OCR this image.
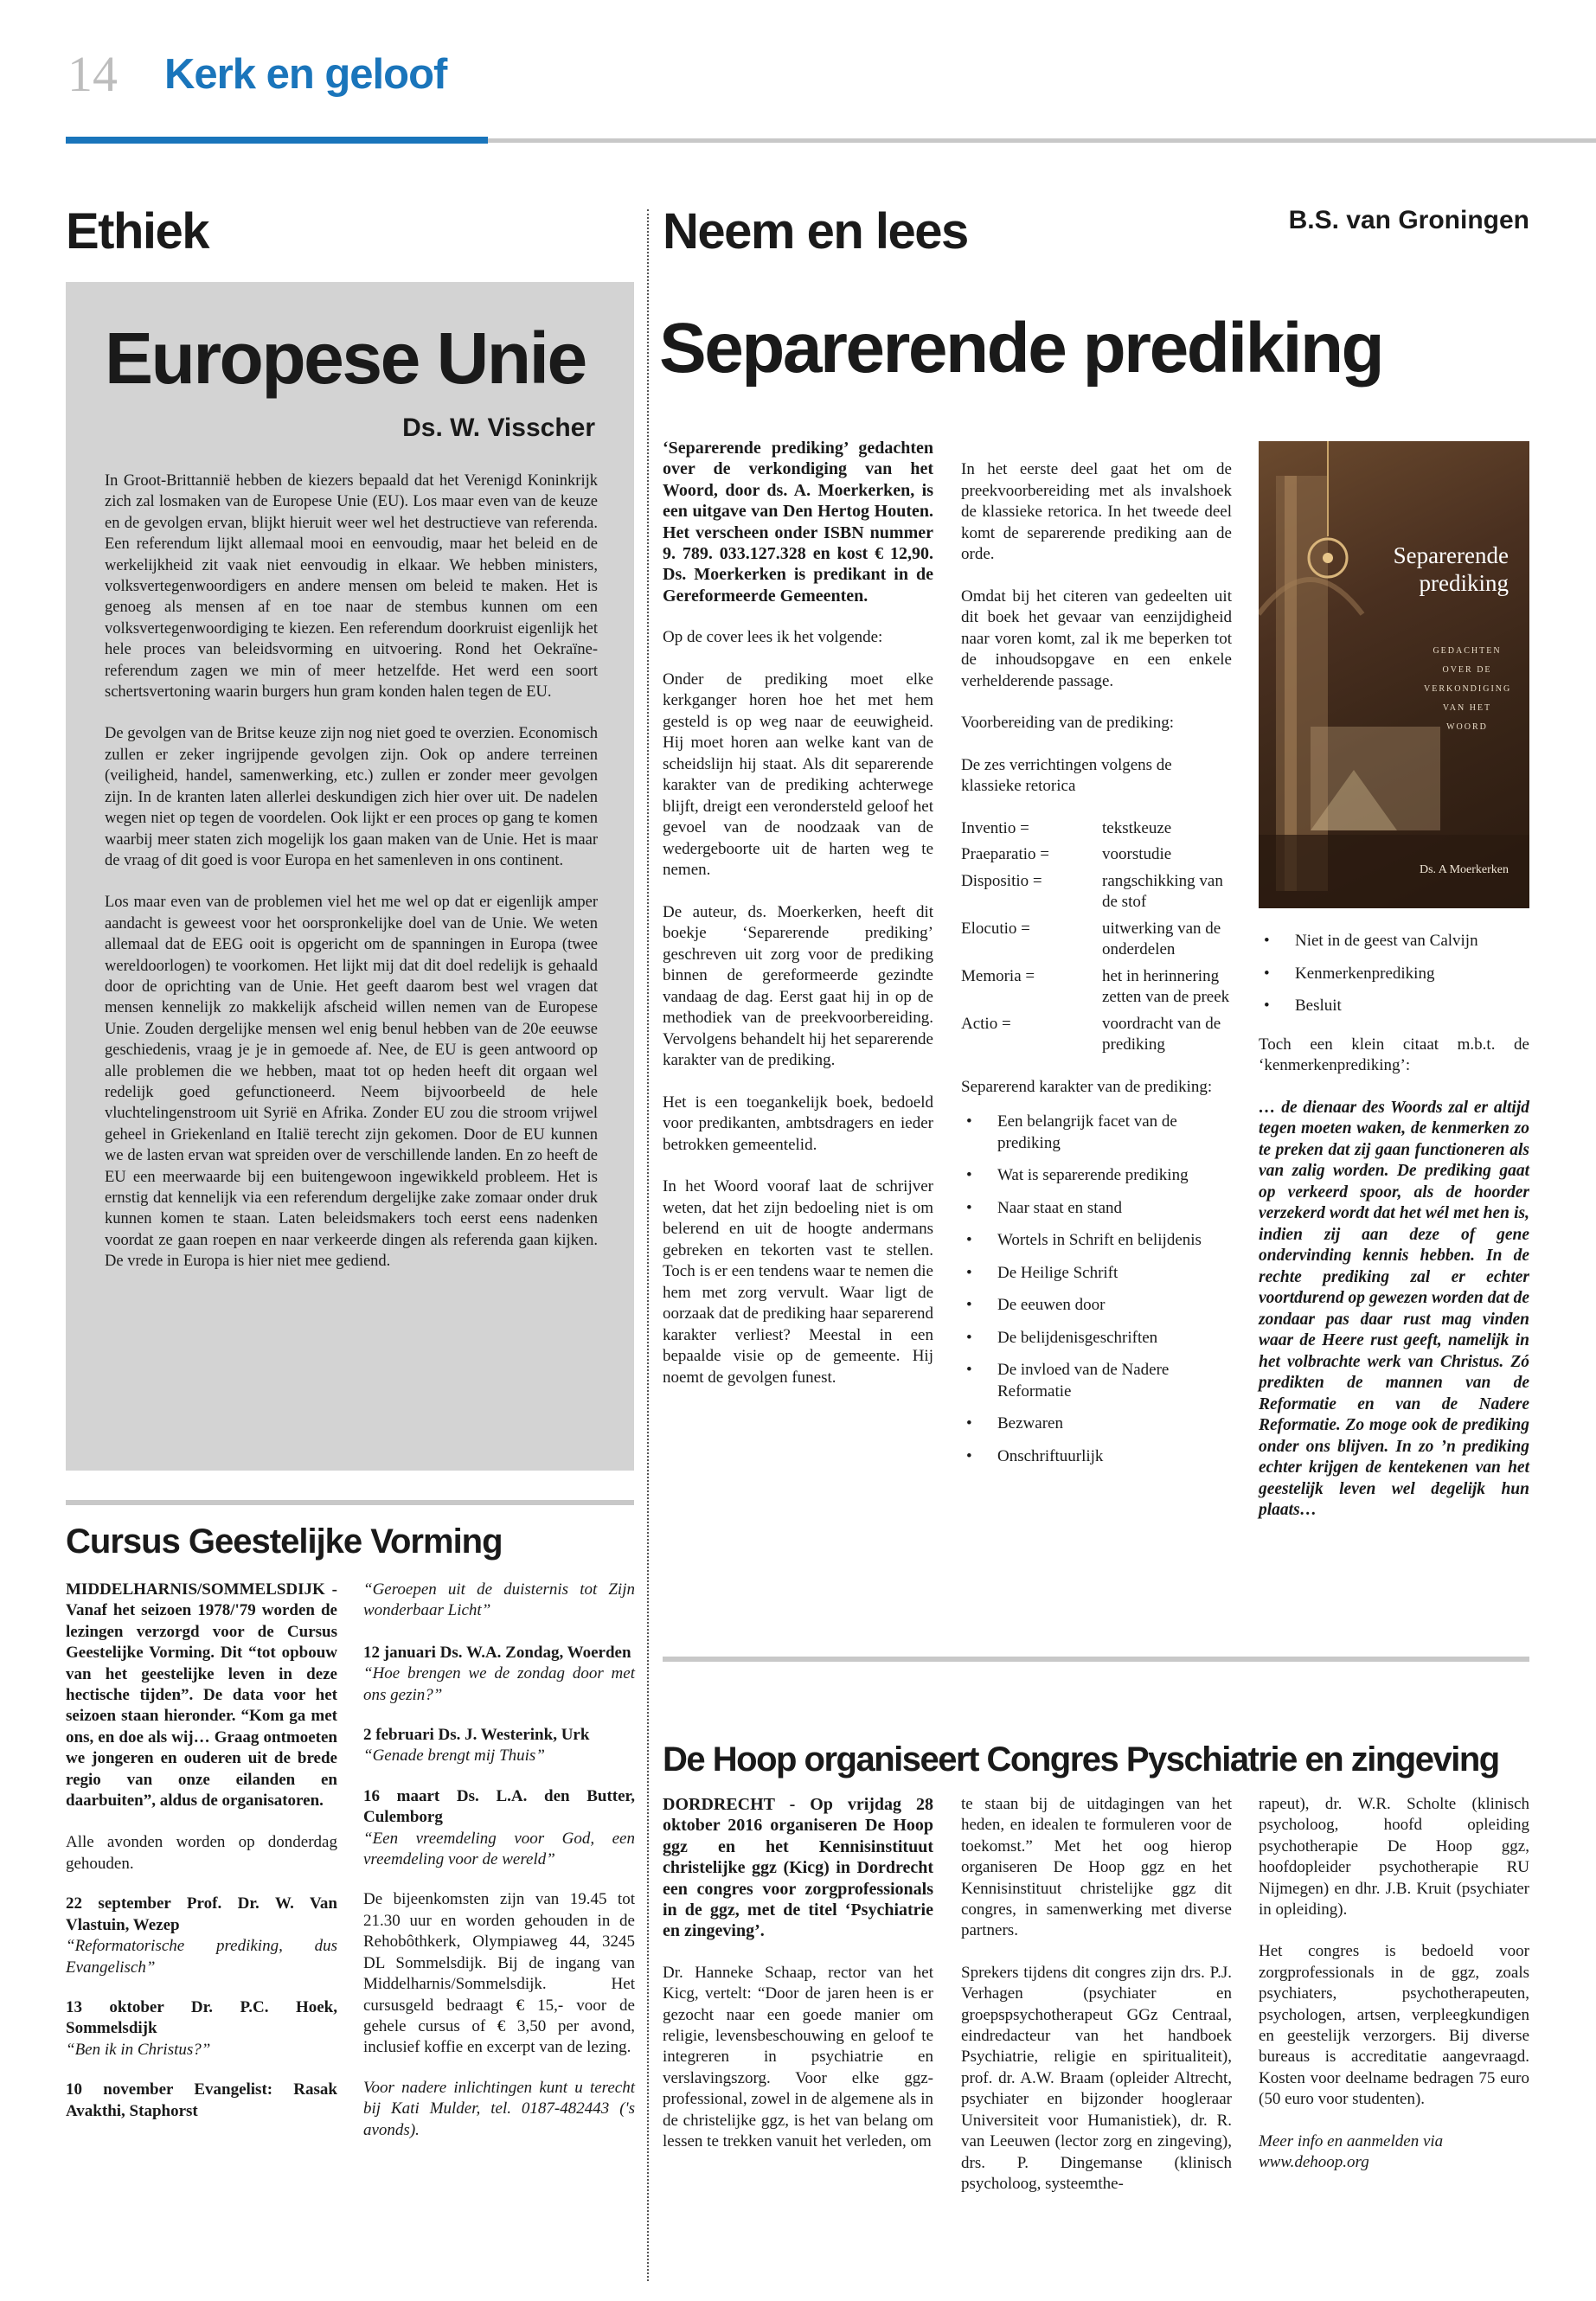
14 Kerk en geloof
Ethiek
Europese Unie
Ds. W. Visscher

In Groot-Brittannië hebben de kiezers bepaald dat het Verenigd Koninkrijk zich zal losmaken van de Europese Unie (EU). Los maar even van de keuze en de gevolgen ervan, blijkt hieruit weer wel het destructieve van referenda. Een referendum lijkt allemaal mooi en eenvoudig, maar het beleid en de werkelijkheid zit vaak niet eenvoudig in elkaar. We hebben ministers, volksvertegenwoordigers en andere mensen om beleid te maken. Het is genoeg als mensen af en toe naar de stembus kunnen om een volksvertegenwoordiging te kiezen. Een referendum doorkruist eigenlijk het hele proces van beleidsvorming en uitvoering. Rond het Oekraïne-referendum zagen we min of meer hetzelfde. Het werd een soort schertsvertoning waarin burgers hun gram konden halen tegen de EU.

De gevolgen van de Britse keuze zijn nog niet goed te overzien. Economisch zullen er zeker ingrijpende gevolgen zijn. Ook op andere terreinen (veiligheid, handel, samenwerking, etc.) zullen er zonder meer gevolgen zijn. In de kranten laten allerlei deskundigen zich hier over uit. De nadelen wegen niet op tegen de voordelen. Ook lijkt er een proces op gang te komen waarbij meer staten zich mogelijk los gaan maken van de Unie. Het is maar de vraag of dit goed is voor Europa en het samenleven in ons continent.

Los maar even van de problemen viel het me wel op dat er eigenlijk amper aandacht is geweest voor het oorspronkelijke doel van de Unie. We weten allemaal dat de EEG ooit is opgericht om de spanningen in Europa (twee wereldoorlogen) te voorkomen. Het lijkt mij dat dit doel redelijk is gehaald door de oprichting van de Unie. Het geeft daarom best wel vragen dat mensen kennelijk zo makkelijk afscheid willen nemen van de Europese Unie. Zouden dergelijke mensen wel enig benul hebben van de 20e eeuwse geschiedenis, vraag je je in gemoede af. Nee, de EU is geen antwoord op alle problemen die we hebben, maat tot op heden heeft dit orgaan wel redelijk goed gefunctioneerd. Neem bijvoorbeeld de hele vluchtelingenstroom uit Syrië en Afrika. Zonder EU zou die stroom vrijwel geheel in Griekenland en Italië terecht zijn gekomen. Door de EU kunnen we de lasten ervan wat spreiden over de verschillende landen. En zo heeft de EU een meerwaarde bij een buitengewoon ingewikkeld probleem. Het is ernstig dat kennelijk via een referendum dergelijke zake zomaar onder druk kunnen komen te staan. Laten beleidsmakers toch eerst eens nadenken voordat ze gaan roepen en naar verkeerde dingen als referenda gaan kijken. De vrede in Europa is hier niet mee gediend.

Cursus Geestelijke Vorming

MIDDELHARNIS/SOMMELSDIJK - Vanaf het seizoen 1978/'79 worden de lezingen verzorgd voor de Cursus Geestelijke Vorming. Dit “tot opbouw van het geestelijke leven in deze hectische tijden”. De data voor het seizoen staan hieronder. “Kom ga met ons, en doe als wij… Graag ontmoeten we jongeren en ouderen uit de brede regio van onze eilanden en daarbuiten”, aldus de organisatoren.

Alle avonden worden op donderdag gehouden.

22 september Prof. Dr. W. Van Vlastuin, Wezep
“Reformatorische prediking, dus Evangelisch”

13 oktober Dr. P.C. Hoek, Sommelsdijk
“Ben ik in Christus?”

10 november Evangelist: Rasak Avakthi, Staphorst

“Geroepen uit de duisternis tot Zijn wonderbaar Licht”

12 januari Ds. W.A. Zondag, Woerden
“Hoe brengen we de zondag door met ons gezin?”

2 februari Ds. J. Westerink, Urk
“Genade brengt mij Thuis”

16 maart Ds. L.A. den Butter, Culemborg
“Een vreemdeling voor God, een vreemdeling voor de wereld”

De bijeenkomsten zijn van 19.45 tot 21.30 uur en worden gehouden in de Rehobôthkerk, Olympiaweg 44, 3245 DL Sommelsdijk. Bij de ingang van Middelharnis/Sommelsdijk. Het cursusgeld bedraagt € 15,- voor de gehele cursus of € 3,50 per avond, inclusief koffie en excerpt van de lezing.

Voor nadere inlichtingen kunt u terecht bij Kati Mulder, tel. 0187-482443 ('s avonds).

Neem en lees	B.S. van Groningen
Separerende prediking

‘Separerende prediking’ gedachten over de verkondiging van het Woord, door ds. A. Moerkerken, is een uitgave van Den Hertog Houten. Het verscheen onder ISBN nummer 9. 789. 033.127.328 en kost € 12,90. Ds. Moerkerken is predikant in de Gereformeerde Gemeenten.

Op de cover lees ik het volgende:

Onder de prediking moet elke kerkganger horen hoe het met hem gesteld is op weg naar de eeuwigheid. Hij moet horen aan welke kant van de scheidslijn hij staat. Als dit separerende karakter van de prediking achterwege blijft, dreigt een verondersteld geloof het gevoel van de noodzaak van de wedergeboorte uit de harten weg te nemen.

De auteur, ds. Moerkerken, heeft dit boekje ‘Separerende prediking’ geschreven uit zorg voor de prediking binnen de gereformeerde gezindte vandaag de dag. Eerst gaat hij in op de methodiek van de preekvoorbereiding. Vervolgens behandelt hij het separerende karakter van de prediking.

Het is een toegankelijk boek, bedoeld voor predikanten, ambtsdragers en ieder betrokken gemeentelid.

In het Woord vooraf laat de schrijver weten, dat het zijn bedoeling niet is om belerend en uit de hoogte andermans gebreken en tekorten vast te stellen. Toch is er een tendens waar te nemen die hem met zorg vervult. Waar ligt de oorzaak dat de prediking haar separerend karakter verliest? Meestal in een bepaalde visie op de gemeente. Hij noemt de gevolgen funest.

In het eerste deel gaat het om de preekvoorbereiding met als invalshoek de klassieke retorica. In het tweede deel komt de separerende prediking aan de orde.

Omdat bij het citeren van gedeelten uit dit boek het gevaar van eenzijdigheid naar voren komt, zal ik me beperken tot de inhoudsopgave en een enkele verhelderende passage.

Voorbereiding van de prediking:

De zes verrichtingen volgens de klassieke retorica

Inventio =	tekstkeuze
Praeparatio =	voorstudie
Dispositio =	rangschikking van de stof
Elocutio =	uitwerking van de onderdelen
Memoria =	het in herinnering zetten van de preek
Actio =	voordracht van de prediking

Separerend karakter van de prediking:

• Een belangrijk facet van de prediking
• Wat is separerende prediking
• Naar staat en stand
• Wortels in Schrift en belijdenis
• De Heilige Schrift
• De eeuwen door
• De belijdenisgeschriften
• De invloed van de Nadere Reformatie
• Bezwaren
• Onschriftuurlijk
Separerende prediking
GEDACHTEN OVER DE VERKONDIGING VAN HET WOORD
Ds. A Moerkerken
• Niet in de geest van Calvijn
• Kenmerkenprediking
• Besluit

Toch een klein citaat m.b.t. de ‘kenmerkenprediking’:

… de dienaar des Woords zal er altijd tegen moeten waken, de kenmerken zo te preken dat zij gaan functioneren als van zalig worden. De prediking gaat op verkeerd spoor, als de hoorder verzekerd wordt dat het wél met hen is, indien zij aan deze of gene ondervinding kennis hebben. In de rechte prediking zal er echter voortdurend op gewezen worden dat de zondaar pas daar rust mag vinden waar de Heere rust geeft, namelijk in het volbrachte werk van Christus. Zó predikten de mannen van de Reformatie en van de Nadere Reformatie. Zo moge ook de prediking onder ons blijven. In zo ’n prediking echter krijgen de kentekenen van het geestelijk leven wel degelijk hun plaats…

De Hoop organiseert Congres Pyschiatrie en zingeving

DORDRECHT - Op vrijdag 28 oktober 2016 organiseren De Hoop ggz en het Kennisinstituut christelijke ggz (Kicg) in Dordrecht een congres voor zorgprofessionals in de ggz, met de titel ‘Psychiatrie en zingeving’.

Dr. Hanneke Schaap, rector van het Kicg, vertelt: “Door de jaren heen is er gezocht naar een goede manier om religie, levensbeschouwing en geloof te integreren in psychiatrie en verslavingszorg. Voor elke ggz-professional, zowel in de algemene als in de christelijke ggz, is het van belang om lessen te trekken vanuit het verleden, om

te staan bij de uitdagingen van het heden, en idealen te formuleren voor de toekomst.” Met het oog hierop organiseren De Hoop ggz en het Kennisinstituut christelijke ggz dit congres, in samenwerking met diverse partners.

Sprekers tijdens dit congres zijn drs. P.J. Verhagen (psychiater en groepspsychotherapeut GGz Centraal, eindredacteur van het handboek Psychiatrie, religie en spiritualiteit), prof. dr. A.W. Braam (opleider Altrecht, psychiater en bijzonder hoogleraar Universiteit voor Humanistiek), dr. R. van Leeuwen (lector zorg en zingeving), drs. P. Dingemanse (klinisch psycholoog, systeemthe-

rapeut), dr. W.R. Scholte (klinisch psycholoog, hoofd opleiding psychotherapie De Hoop ggz, hoofdopleider psychotherapie RU Nijmegen) en dhr. J.B. Kruit (psychiater in opleiding).

Het congres is bedoeld voor zorgprofessionals in de ggz, zoals psychiaters, psychotherapeuten, psychologen, artsen, verpleegkundigen en geestelijk verzorgers. Bij diverse bureaus is accreditatie aangevraagd. Kosten voor deelname bedragen 75 euro (50 euro voor studenten).

Meer info en aanmelden via www.dehoop.org
